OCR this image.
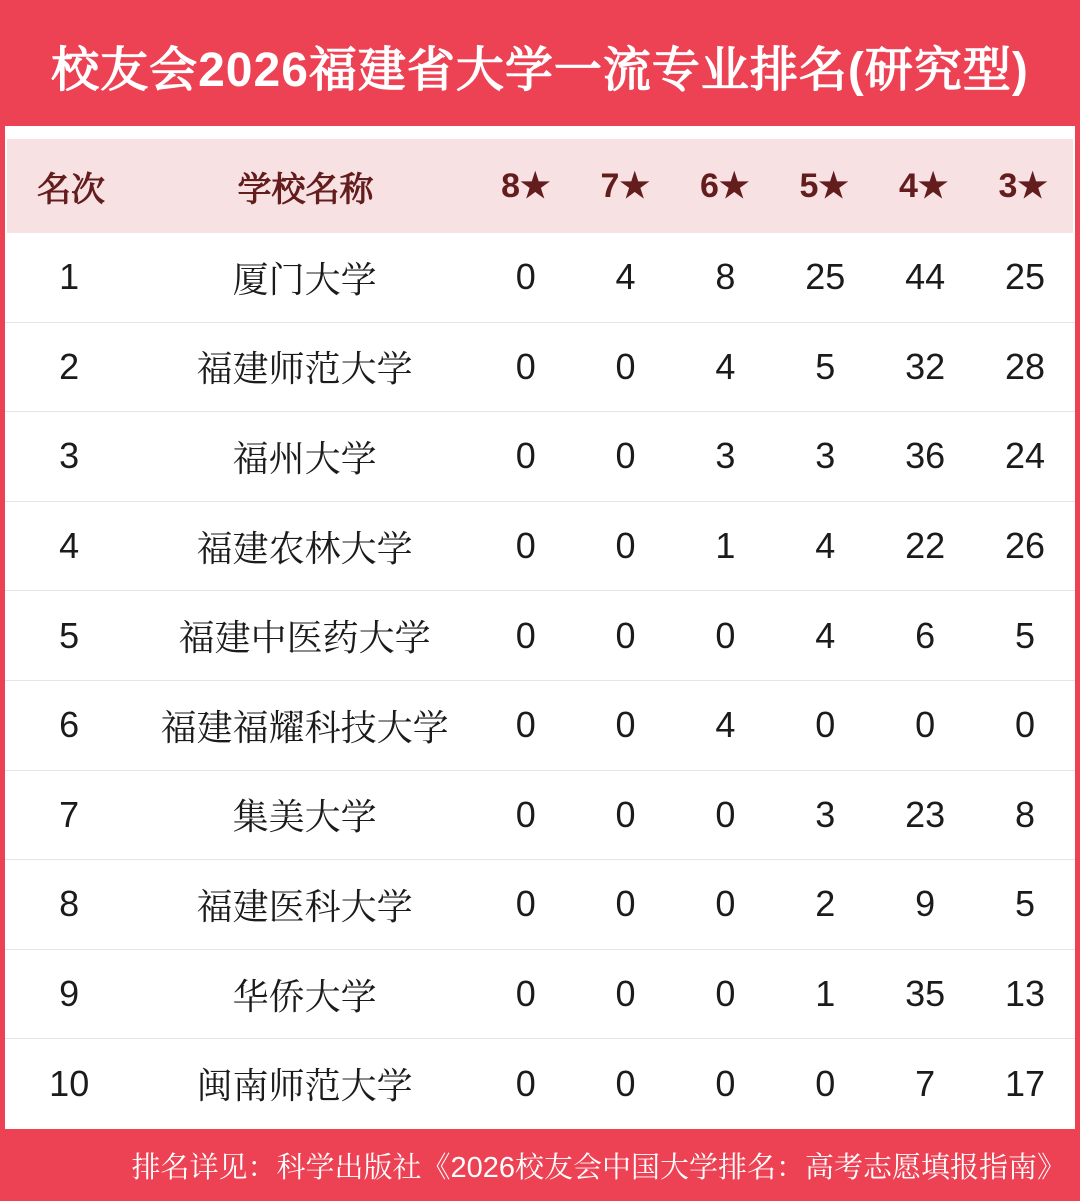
校友会2026福建省大学一流专业排名(研究型)
名次	学校名称	8★	7★	6★	5★	4★	3★
1	厦门大学	0	4	8	25	44	25
2	福建师范大学	0	0	4	5	32	28
3	福州大学	0	0	3	3	36	24
4	福建农林大学	0	0	1	4	22	26
5	福建中医药大学	0	0	0	4	6	5
6	福建福耀科技大学	0	0	4	0	0	0
7	集美大学	0	0	0	3	23	8
8	福建医科大学	0	0	0	2	9	5
9	华侨大学	0	0	0	1	35	13
10	闽南师范大学	0	0	0	0	7	17
排名详见：科学出版社《2026校友会中国大学排名：高考志愿填报指南》
